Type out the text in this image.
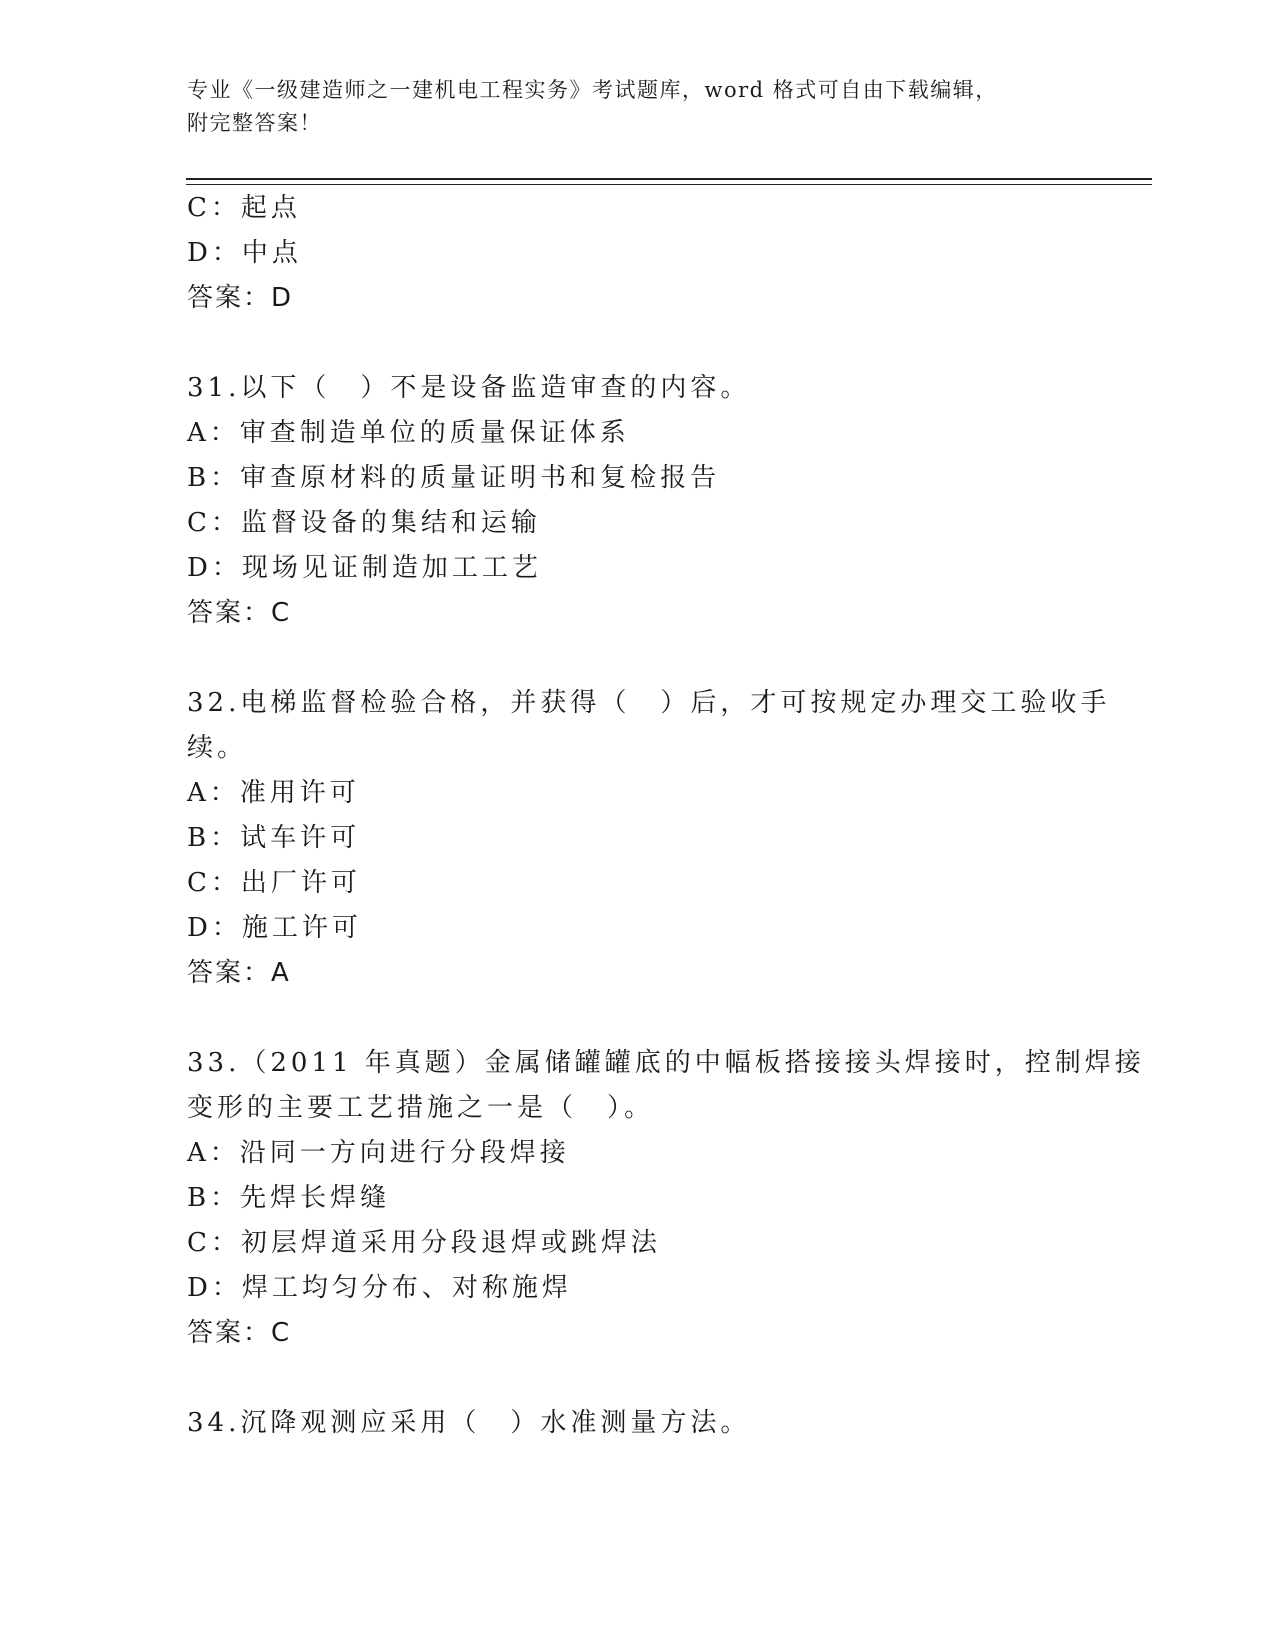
专业《一级建造师之一建机电工程实务》考试题库，word 格式可自由下载编辑，
附完整答案！
C：起点
D：中点
答案：D
31.以下（　）不是设备监造审查的内容。
A：审查制造单位的质量保证体系
B：审查原材料的质量证明书和复检报告
C：监督设备的集结和运输
D：现场见证制造加工工艺
答案：C
32.电梯监督检验合格，并获得（　）后，才可按规定办理交工验收手
续。
A：准用许可
B：试车许可
C：出厂许可
D：施工许可
答案：A
33.（2011 年真题）金属储罐罐底的中幅板搭接接头焊接时，控制焊接
变形的主要工艺措施之一是（　）。
A：沿同一方向进行分段焊接
B：先焊长焊缝
C：初层焊道采用分段退焊或跳焊法
D：焊工均匀分布、对称施焊
答案：C
34.沉降观测应采用（　）水准测量方法。
